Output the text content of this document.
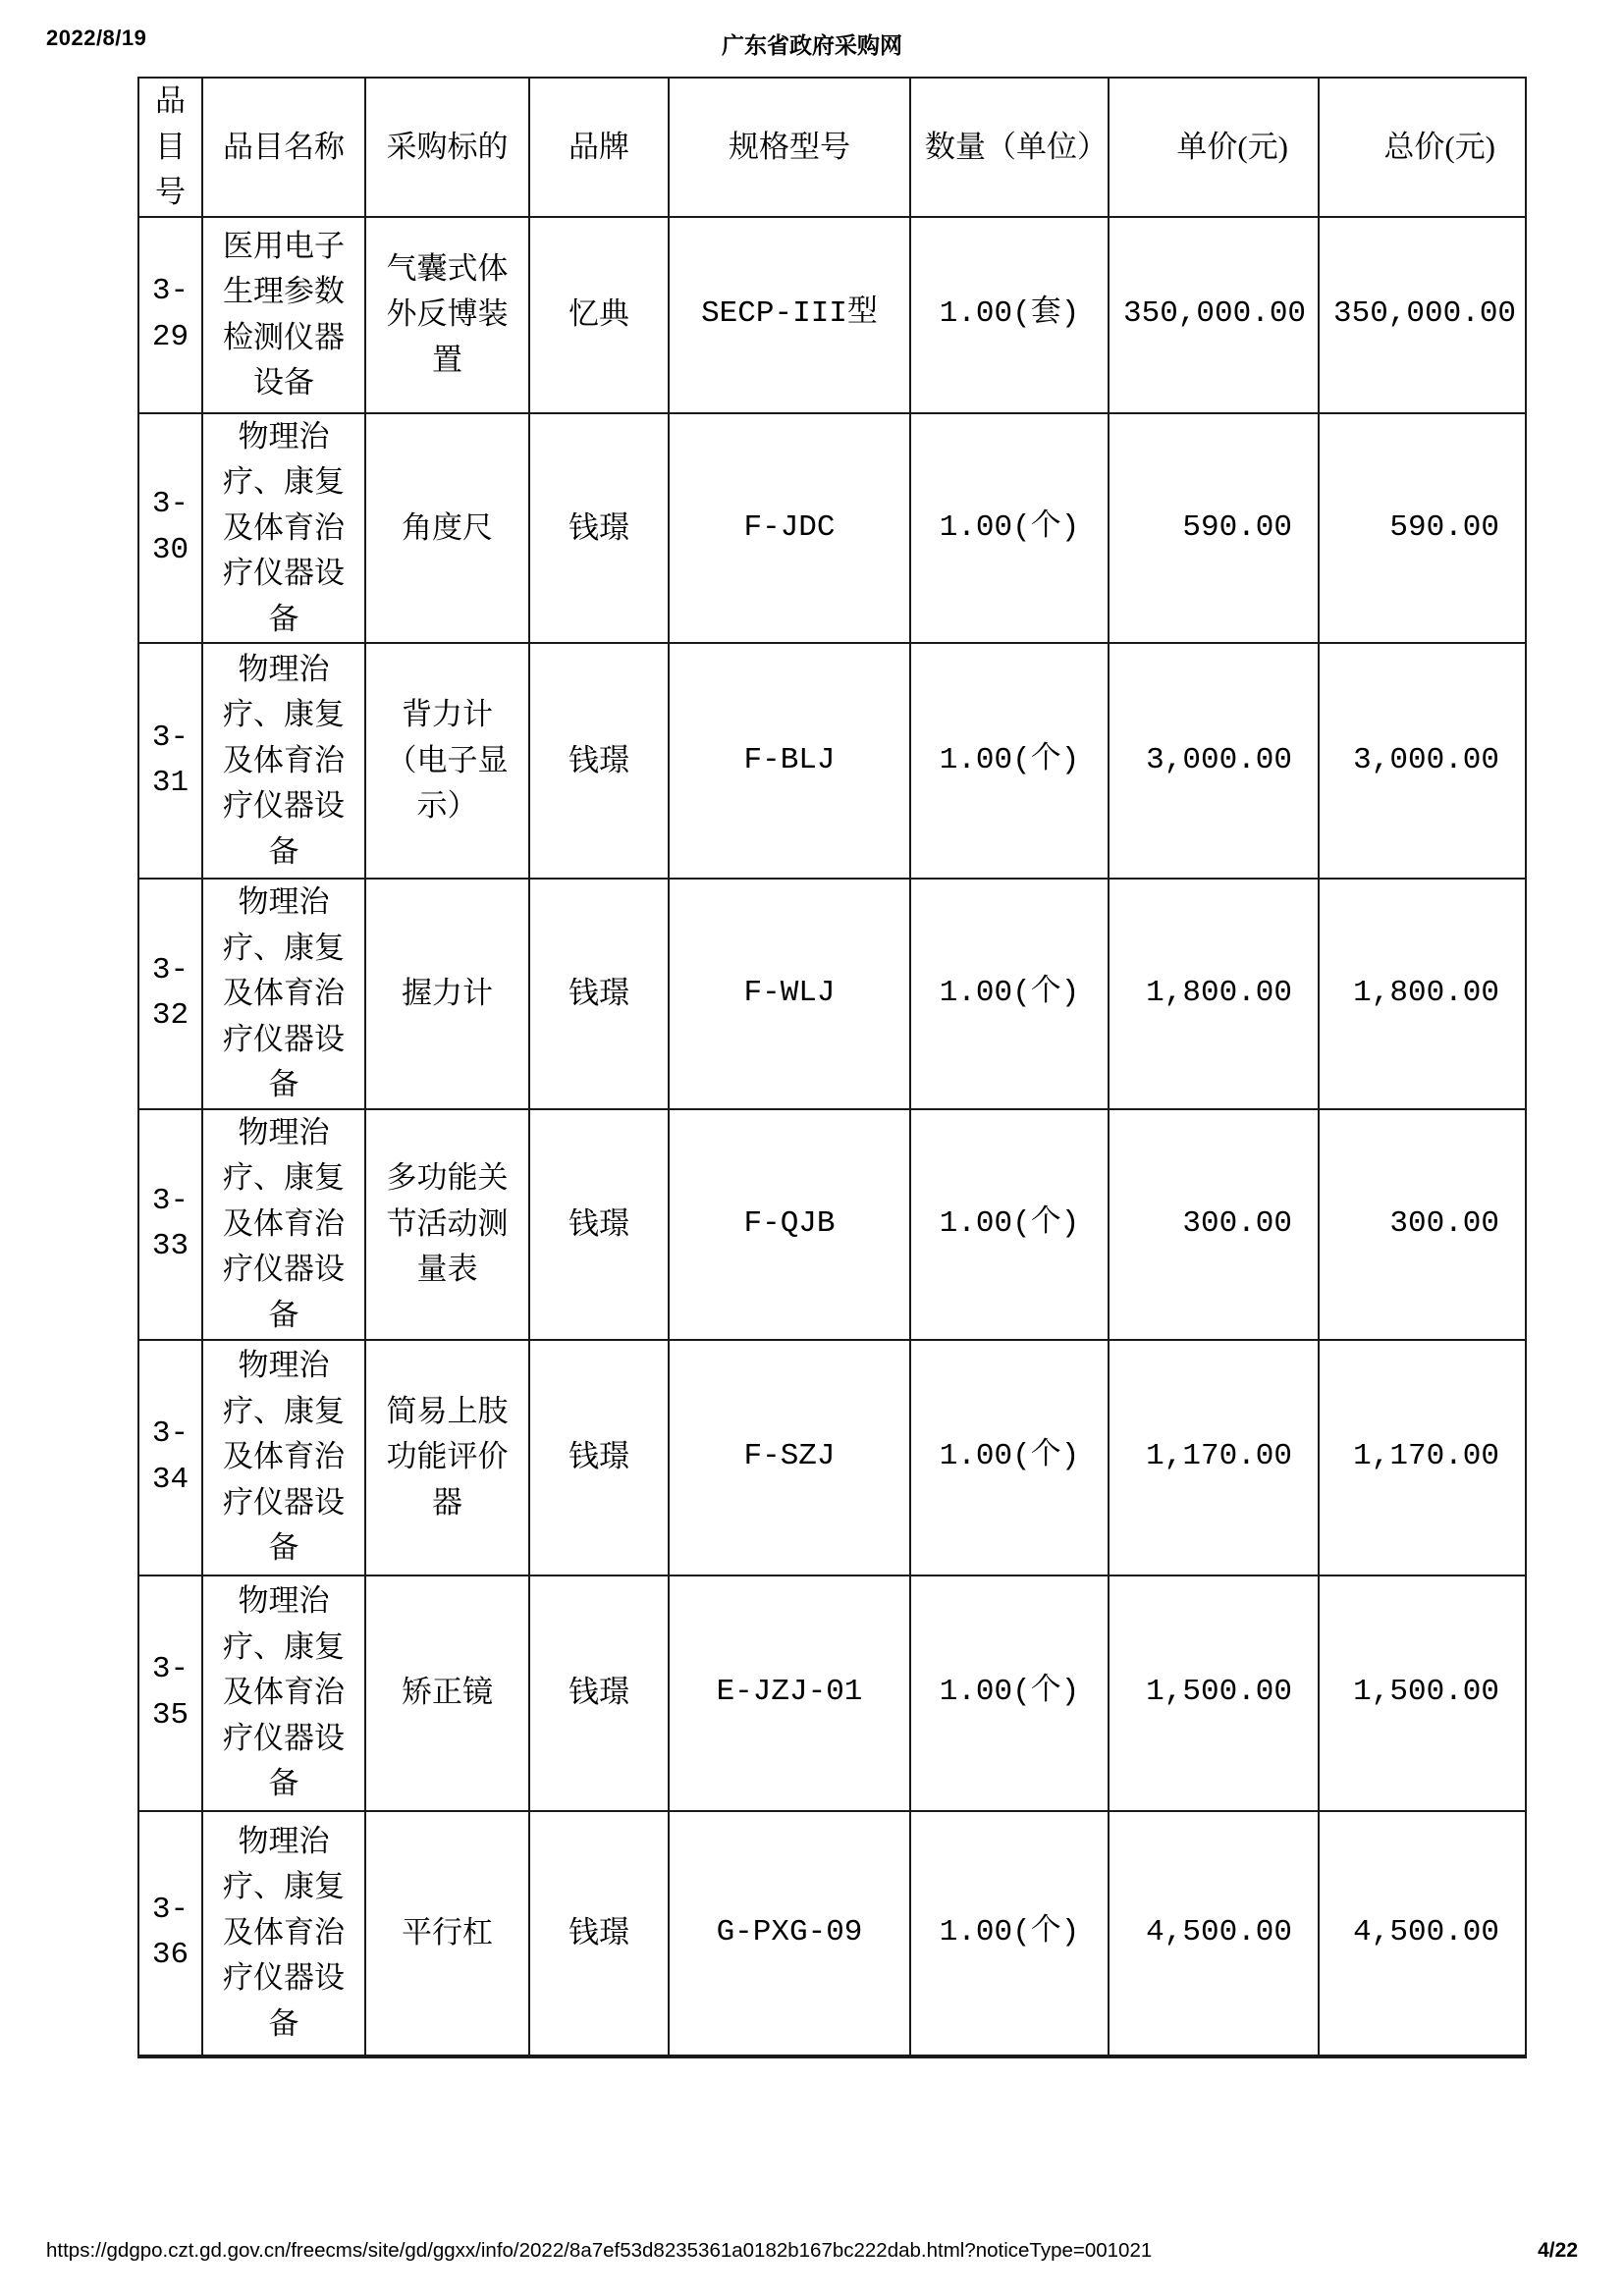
2022/8/19	广东省政府采购网
品目号	品目名称	采购标的	品牌	规格型号	数量（单位）	单价(元)	总价(元)
3-29	医用电子生理参数检测仪器设备	气囊式体外反博装置	忆典	SECP-III型	1.00(套)	350,000.00	350,000.00
3-30	物理治疗、康复及体育治疗仪器设备	角度尺	钱璟	F-JDC	1.00(个)	590.00	590.00
3-31	物理治疗、康复及体育治疗仪器设备	背力计（电子显示）	钱璟	F-BLJ	1.00(个)	3,000.00	3,000.00
3-32	物理治疗、康复及体育治疗仪器设备	握力计	钱璟	F-WLJ	1.00(个)	1,800.00	1,800.00
3-33	物理治疗、康复及体育治疗仪器设备	多功能关节活动测量表	钱璟	F-QJB	1.00(个)	300.00	300.00
3-34	物理治疗、康复及体育治疗仪器设备	简易上肢功能评价器	钱璟	F-SZJ	1.00(个)	1,170.00	1,170.00
3-35	物理治疗、康复及体育治疗仪器设备	矫正镜	钱璟	E-JZJ-01	1.00(个)	1,500.00	1,500.00
3-36	物理治疗、康复及体育治疗仪器设备	平行杠	钱璟	G-PXG-09	1.00(个)	4,500.00	4,500.00
https://gdgpo.czt.gd.gov.cn/freecms/site/gd/ggxx/info/2022/8a7ef53d8235361a0182b167bc222dab.html?noticeType=001021	4/22
